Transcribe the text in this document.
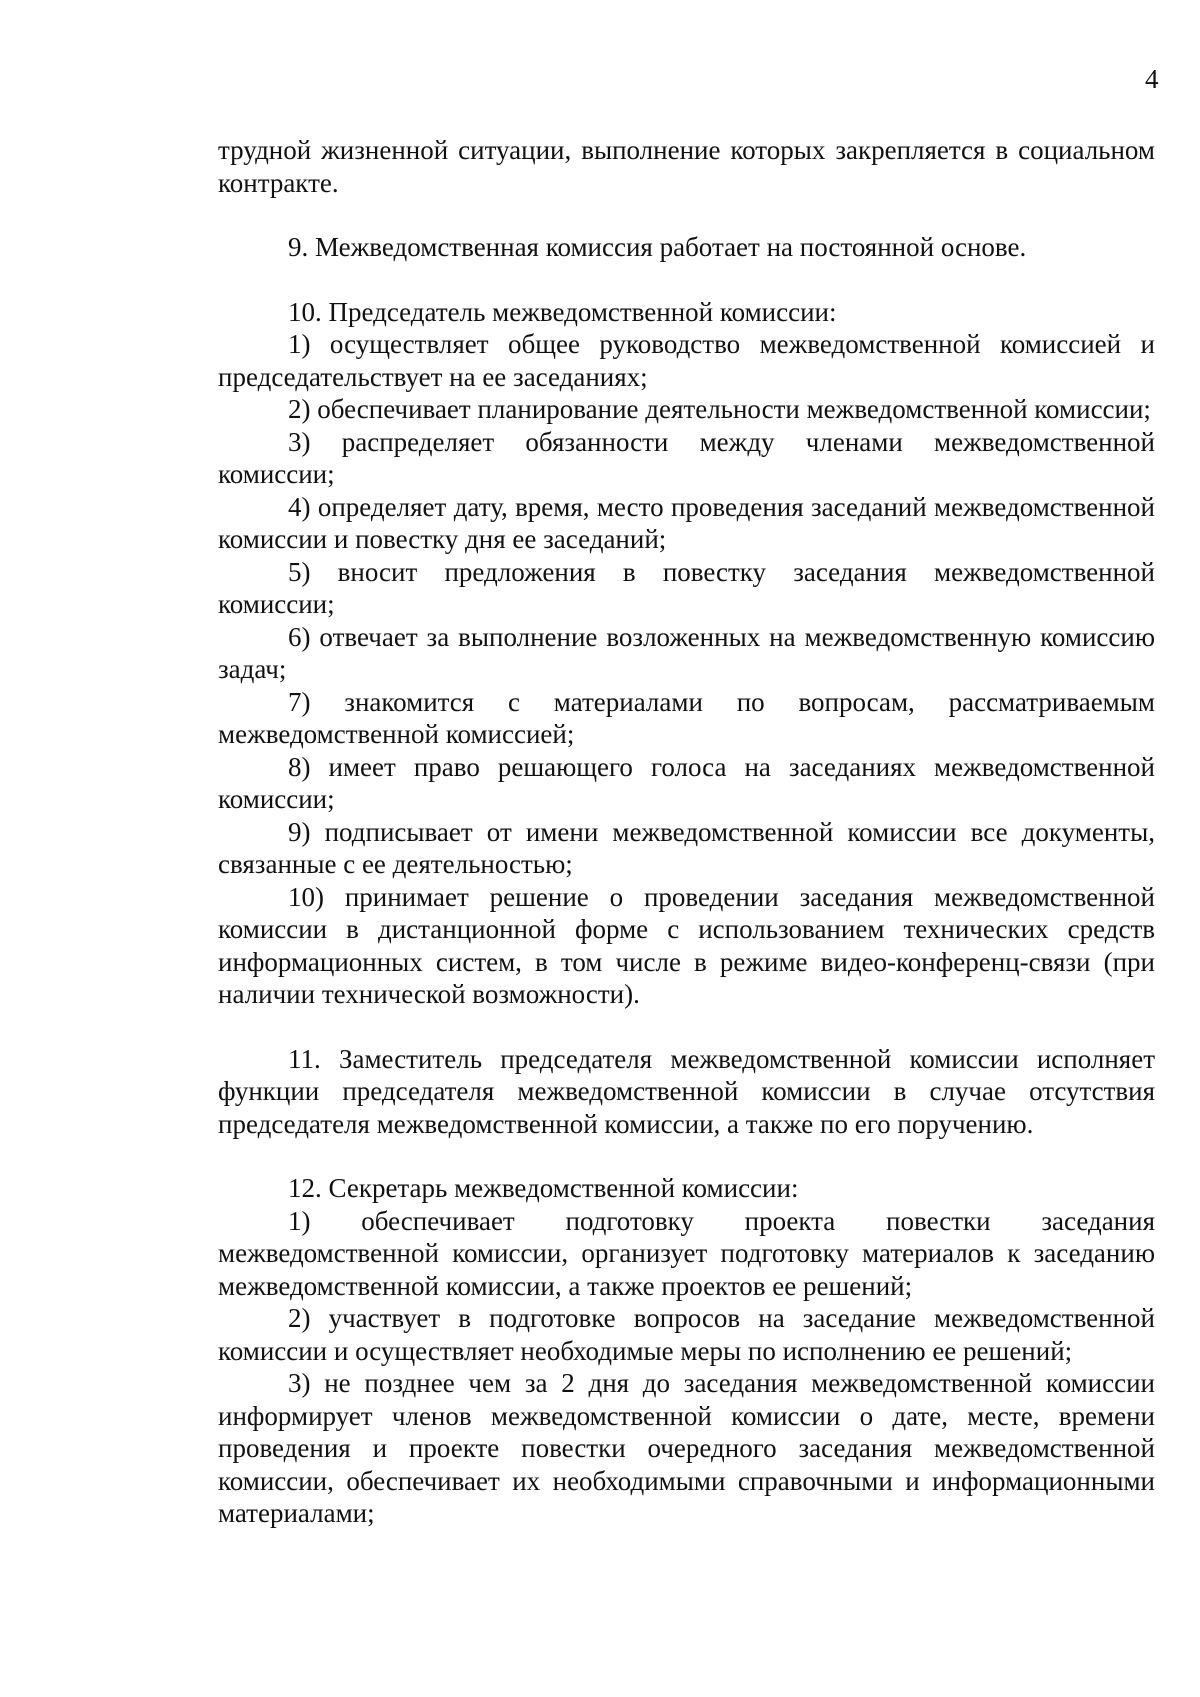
4

трудной жизненной ситуации, выполнение которых закрепляется в социальном контракте.

9. Межведомственная комиссия работает на постоянной основе.

10. Председатель межведомственной комиссии:

1) осуществляет общее руководство межведомственной комиссией и председательствует на ее заседаниях;

2) обеспечивает планирование деятельности межведомственной комиссии;

3) распределяет обязанности между членами межведомственной комиссии;

4) определяет дату, время, место проведения заседаний межведомственной комиссии и повестку дня ее заседаний;

5) вносит предложения в повестку заседания межведомственной комиссии;

6) отвечает за выполнение возложенных на межведомственную комиссию задач;

7) знакомится с материалами по вопросам, рассматриваемым межведомственной комиссией;

8) имеет право решающего голоса на заседаниях межведомственной комиссии;

9) подписывает от имени межведомственной комиссии все документы, связанные с ее деятельностью;

10) принимает решение о проведении заседания межведомственной комиссии в дистанционной форме с использованием технических средств информационных систем, в том числе в режиме видео-конференц-связи (при наличии технической возможности).

11. Заместитель председателя межведомственной комиссии исполняет функции председателя межведомственной комиссии в случае отсутствия председателя межведомственной комиссии, а также по его поручению.

12. Секретарь межведомственной комиссии:

1) обеспечивает подготовку проекта повестки заседания межведомственной комиссии, организует подготовку материалов к заседанию межведомственной комиссии, а также проектов ее решений;

2) участвует в подготовке вопросов на заседание межведомственной комиссии и осуществляет необходимые меры по исполнению ее решений;

3) не позднее чем за 2 дня до заседания межведомственной комиссии информирует членов межведомственной комиссии о дате, месте, времени проведения и проекте повестки очередного заседания межведомственной комиссии, обеспечивает их необходимыми справочными и информационными материалами;
